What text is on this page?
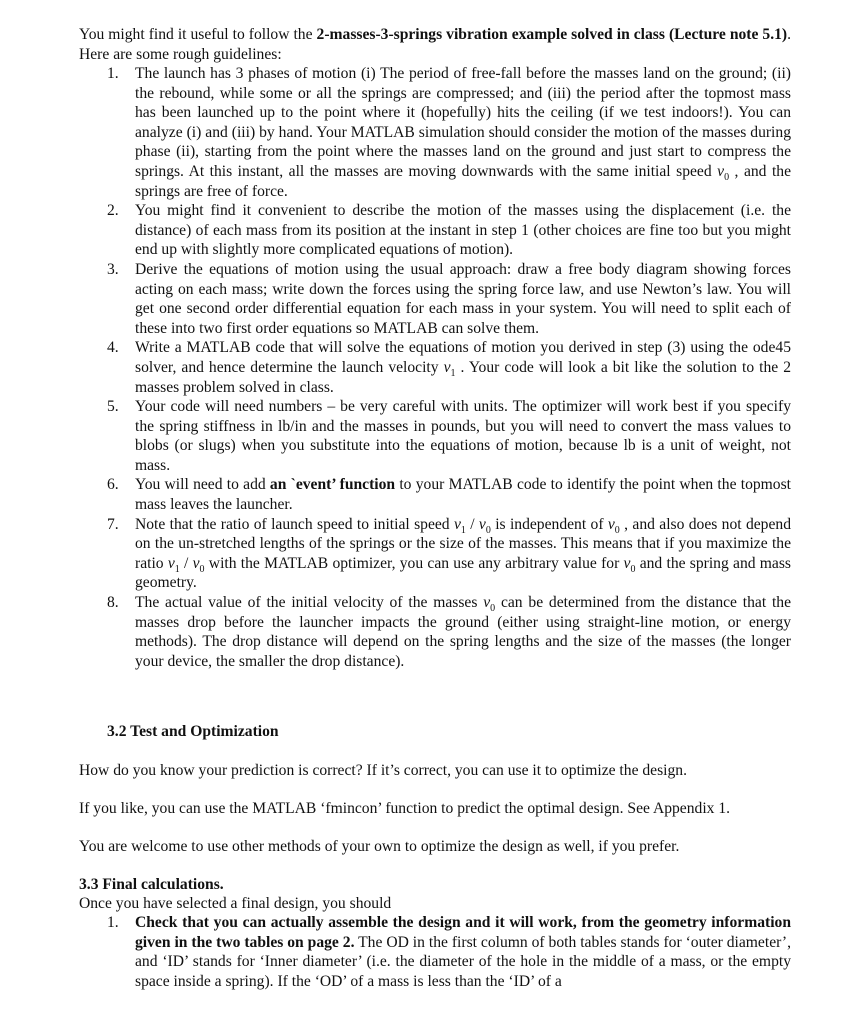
You might find it useful to follow the 2-masses-3-springs vibration example solved in class (Lecture note 5.1). Here are some rough guidelines:
1. The launch has 3 phases of motion (i) The period of free-fall before the masses land on the ground; (ii) the rebound, while some or all the springs are compressed; and (iii) the period after the topmost mass has been launched up to the point where it (hopefully) hits the ceiling (if we test indoors!). You can analyze (i) and (iii) by hand. Your MATLAB simulation should consider the motion of the masses during phase (ii), starting from the point where the masses land on the ground and just start to compress the springs. At this instant, all the masses are moving downwards with the same initial speed $v_0$ , and the springs are free of force.
2. You might find it convenient to describe the motion of the masses using the displacement (i.e. the distance) of each mass from its position at the instant in step 1 (other choices are fine too but you might end up with slightly more complicated equations of motion).
3. Derive the equations of motion using the usual approach: draw a free body diagram showing forces acting on each mass; write down the forces using the spring force law, and use Newton’s law. You will get one second order differential equation for each mass in your system. You will need to split each of these into two first order equations so MATLAB can solve them.
4. Write a MATLAB code that will solve the equations of motion you derived in step (3) using the ode45 solver, and hence determine the launch velocity $v_1$ . Your code will look a bit like the solution to the 2 masses problem solved in class.
5. Your code will need numbers – be very careful with units. The optimizer will work best if you specify the spring stiffness in lb/in and the masses in pounds, but you will need to convert the mass values to blobs (or slugs) when you substitute into the equations of motion, because lb is a unit of weight, not mass.
6. You will need to add an `event’ function to your MATLAB code to identify the point when the topmost mass leaves the launcher.
7. Note that the ratio of launch speed to initial speed $v_1 / v_0$ is independent of $v_0$ , and also does not depend on the un-stretched lengths of the springs or the size of the masses. This means that if you maximize the ratio $v_1 / v_0$ with the MATLAB optimizer, you can use any arbitrary value for $v_0$ and the spring and mass geometry.
8. The actual value of the initial velocity of the masses $v_0$ can be determined from the distance that the masses drop before the launcher impacts the ground (either using straight-line motion, or energy methods). The drop distance will depend on the spring lengths and the size of the masses (the longer your device, the smaller the drop distance).
3.2 Test and Optimization
How do you know your prediction is correct? If it’s correct, you can use it to optimize the design.
If you like, you can use the MATLAB ‘fmincon’ function to predict the optimal design. See Appendix 1.
You are welcome to use other methods of your own to optimize the design as well, if you prefer.
3.3 Final calculations.
Once you have selected a final design, you should
1. Check that you can actually assemble the design and it will work, from the geometry information given in the two tables on page 2. The OD in the first column of both tables stands for ‘outer diameter’, and ‘ID’ stands for ‘Inner diameter’ (i.e. the diameter of the hole in the middle of a mass, or the empty space inside a spring). If the ‘OD’ of a mass is less than the ‘ID’ of a
